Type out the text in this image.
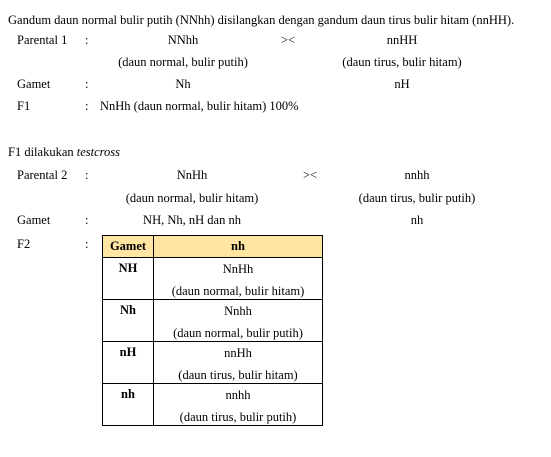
Gandum daun normal bulir putih (NNhh) disilangkan dengan gandum daun tirus bulir hitam (nnHH).
Parental 1 :	NNhh	><	nnHH
(daun normal, bulir putih)	(daun tirus, bulir hitam)
Gamet	:	Nh	nH
F1	: NnHh (daun normal, bulir hitam) 100%
F1 dilakukan testcross
Parental 2 :	NnHh	><	nnhh
(daun normal, bulir hitam)	(daun tirus, bulir putih)
Gamet	:	NH, Nh, nH dan nh	nh
F2	: Gamet	nh
NH	NnHh
(daun normal, bulir hitam)

Nh	Nnhh
(daun normal, bulir putih)

nH	nnHh
(daun tirus, bulir hitam)

nh	nnhh
(daun tirus, bulir putih)
